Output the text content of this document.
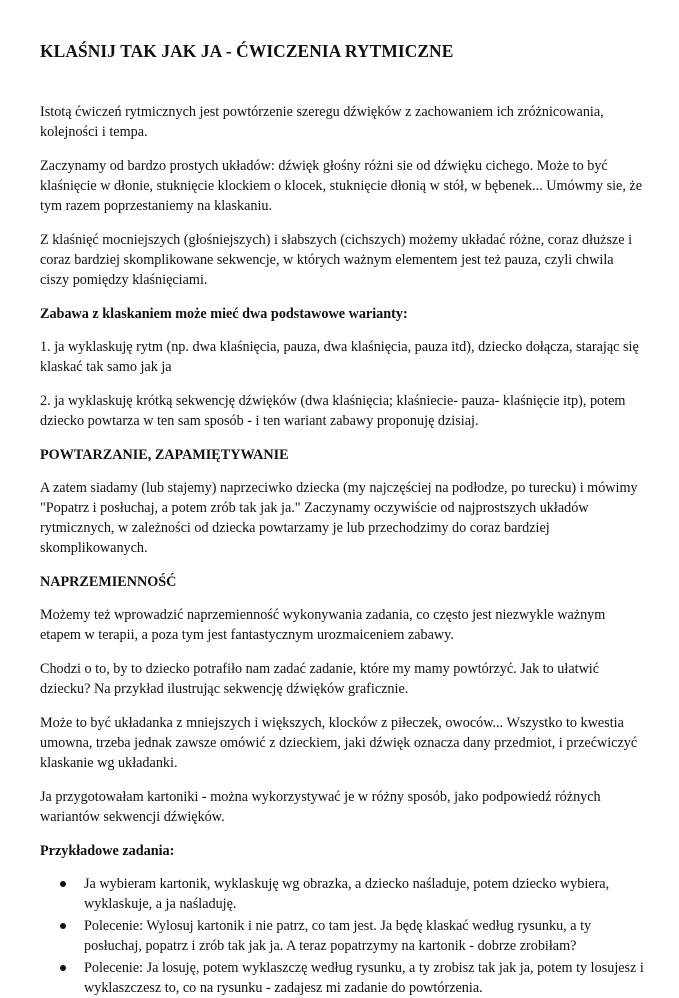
KLAŚNIJ TAK JAK JA - ĆWICZENIA RYTMICZNE

Istotą ćwiczeń rytmicznych jest powtórzenie szeregu dźwięków z zachowaniem ich zróżnicowania, kolejności i tempa.

Zaczynamy od bardzo prostych układów: dźwięk głośny różni sie od dźwięku cichego. Może to być klaśnięcie w dłonie, stuknięcie klockiem o klocek, stuknięcie dłonią w stół, w bębenek... Umówmy sie, że tym razem poprzestaniemy na klaskaniu.

Z klaśnięć mocniejszych (głośniejszych) i słabszych (cichszych) możemy układać różne, coraz dłuższe i coraz bardziej skomplikowane sekwencje, w których ważnym elementem jest też pauza, czyli chwila ciszy pomiędzy klaśnięciami.

Zabawa z klaskaniem może mieć dwa podstawowe warianty:

1. ja wyklaskuję rytm (np. dwa klaśnięcia, pauza, dwa klaśnięcia, pauza itd), dziecko dołącza, starając się klaskać tak samo jak ja

2. ja wyklaskuję krótką sekwencję dźwięków (dwa klaśnięcia; klaśniecie- pauza- klaśnięcie itp), potem dziecko powtarza w ten sam sposób - i ten wariant zabawy proponuję dzisiaj.

POWTARZANIE, ZAPAMIĘTYWANIE

A zatem siadamy (lub stajemy) naprzeciwko dziecka (my najczęściej na podłodze, po turecku) i mówimy "Popatrz i posłuchaj, a potem zrób tak jak ja." Zaczynamy oczywiście od najprostszych układów rytmicznych, w zależności od dziecka powtarzamy je lub przechodzimy do coraz bardziej skomplikowanych.

NAPRZEMIENNOŚĆ

Możemy też wprowadzić naprzemienność wykonywania zadania, co często jest niezwykle ważnym etapem w terapii, a poza tym jest fantastycznym urozmaiceniem zabawy.

Chodzi o to, by to dziecko potrafiło nam zadać zadanie, które my mamy powtórzyć. Jak to ułatwić dziecku? Na przykład ilustrując sekwencję dźwięków graficznie.

Może to być układanka z mniejszych i większych, klocków z piłeczek, owoców... Wszystko to kwestia umowna, trzeba jednak zawsze omówić z dzieckiem, jaki dźwięk oznacza dany przedmiot, i przećwiczyć klaskanie wg układanki.

Ja przygotowałam kartoniki - można wykorzystywać je w różny sposób, jako podpowiedź różnych wariantów sekwencji dźwięków.

Przykładowe zadania:

Ja wybieram kartonik, wyklaskuję wg obrazka, a dziecko naśladuje, potem dziecko wybiera, wyklaskuje, a ja naśladuję.
Polecenie: Wylosuj kartonik i nie patrz, co tam jest. Ja będę klaskać według rysunku, a ty posłuchaj, popatrz i zrób tak jak ja. A teraz popatrzymy na kartonik - dobrze zrobiłam?
Polecenie: Ja losuję, potem wyklaszczę według rysunku, a ty zrobisz tak jak ja, potem ty losujesz i wyklaszczesz to, co na rysunku - zadajesz mi zadanie do powtórzenia.
